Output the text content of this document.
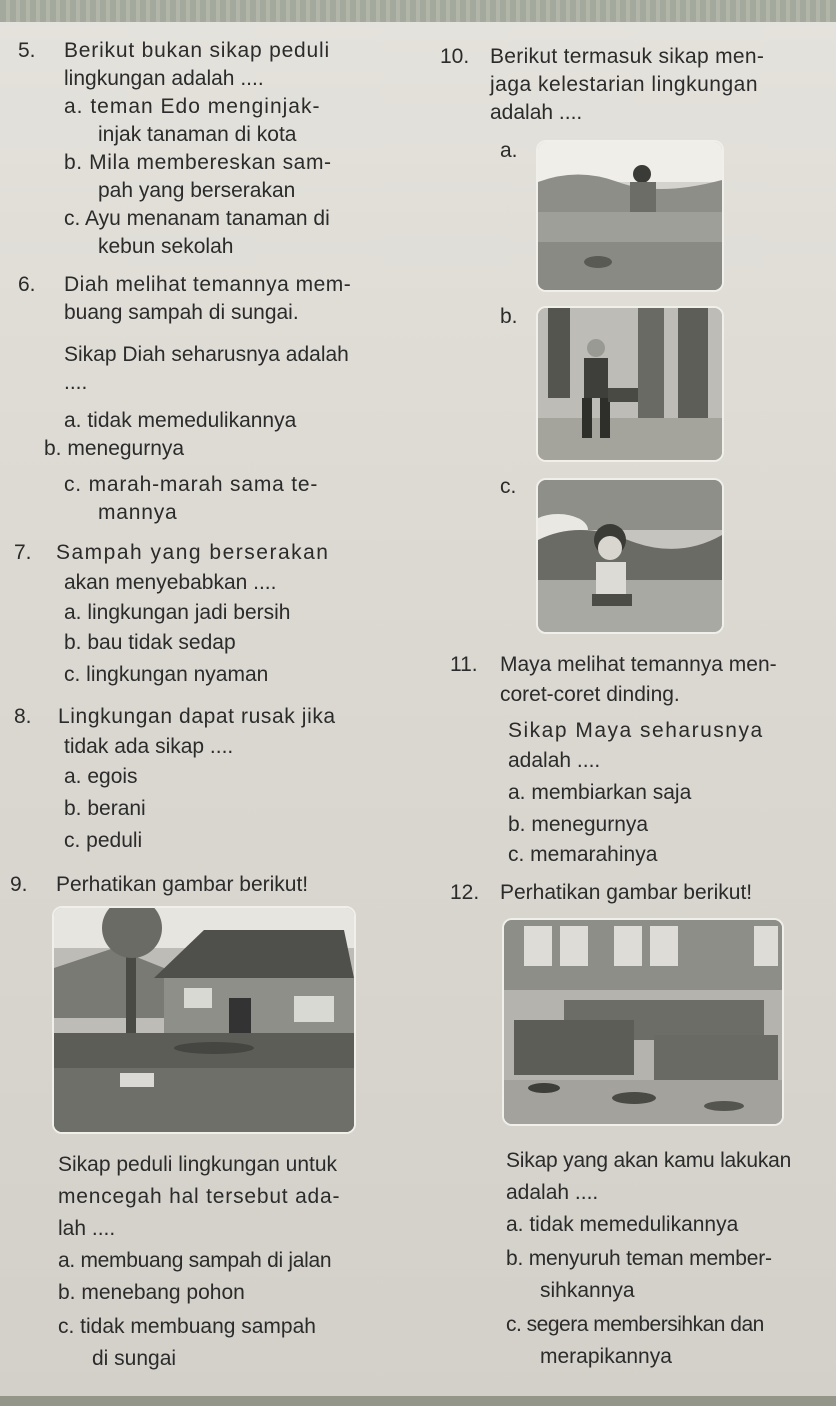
5. Berikut bukan sikap peduli
lingkungan adalah ....
a. teman Edo menginjak-
injak tanaman di kota
b. Mila membereskan sam-
pah yang berserakan
c. Ayu menanam tanaman di
kebun sekolah
6. Diah melihat temannya mem-
buang sampah di sungai.
Sikap Diah seharusnya adalah
....
a. tidak memedulikannya
b. menegurnya
c. marah-marah sama te-
mannya
7. Sampah yang berserakan
akan menyebabkan ....
a. lingkungan jadi bersih
b. bau tidak sedap
c. lingkungan nyaman
8. Lingkungan dapat rusak jika
tidak ada sikap ....
a. egois
b. berani
c. peduli
9. Perhatikan gambar berikut!
Sikap peduli lingkungan untuk
mencegah hal tersebut ada-
lah ....
a. membuang sampah di jalan
b. menebang pohon
c. tidak membuang sampah
di sungai
10. Berikut termasuk sikap men-
jaga kelestarian lingkungan
adalah ....
a.
b.
c.
11. Maya melihat temannya men-
coret-coret dinding.
Sikap Maya seharusnya
adalah ....
a. membiarkan saja
b. menegurnya
c. memarahinya
12. Perhatikan gambar berikut!
Sikap yang akan kamu lakukan
adalah ....
a. tidak memedulikannya
b. menyuruh teman member-
sihkannya
c. segera membersihkan dan
merapikannya
